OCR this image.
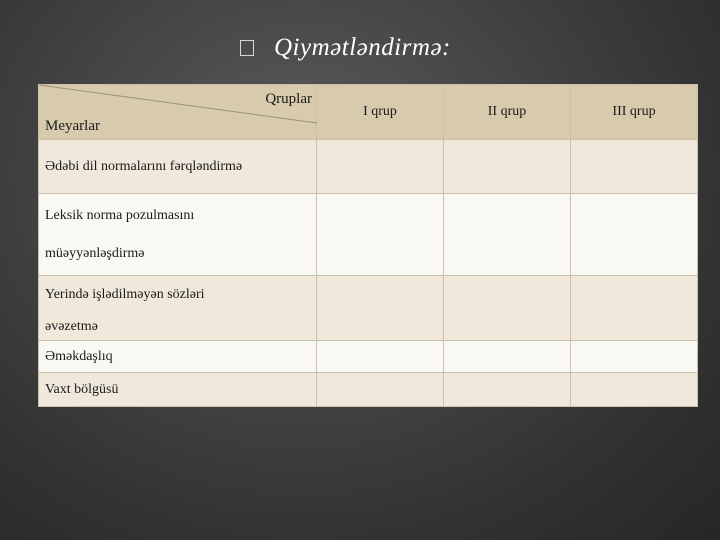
Qiymətləndirmə:
Qruplar
Meyarlar	I qrup	II qrup	III qrup

Ədəbi dil normalarını fərqləndirmə			

Leksik norma pozulmasını
müəyyənləşdirmə			

Yerində işlədilməyən sözləri
əvəzetmə			

Əməkdaşlıq			

Vaxt bölgüsü			
